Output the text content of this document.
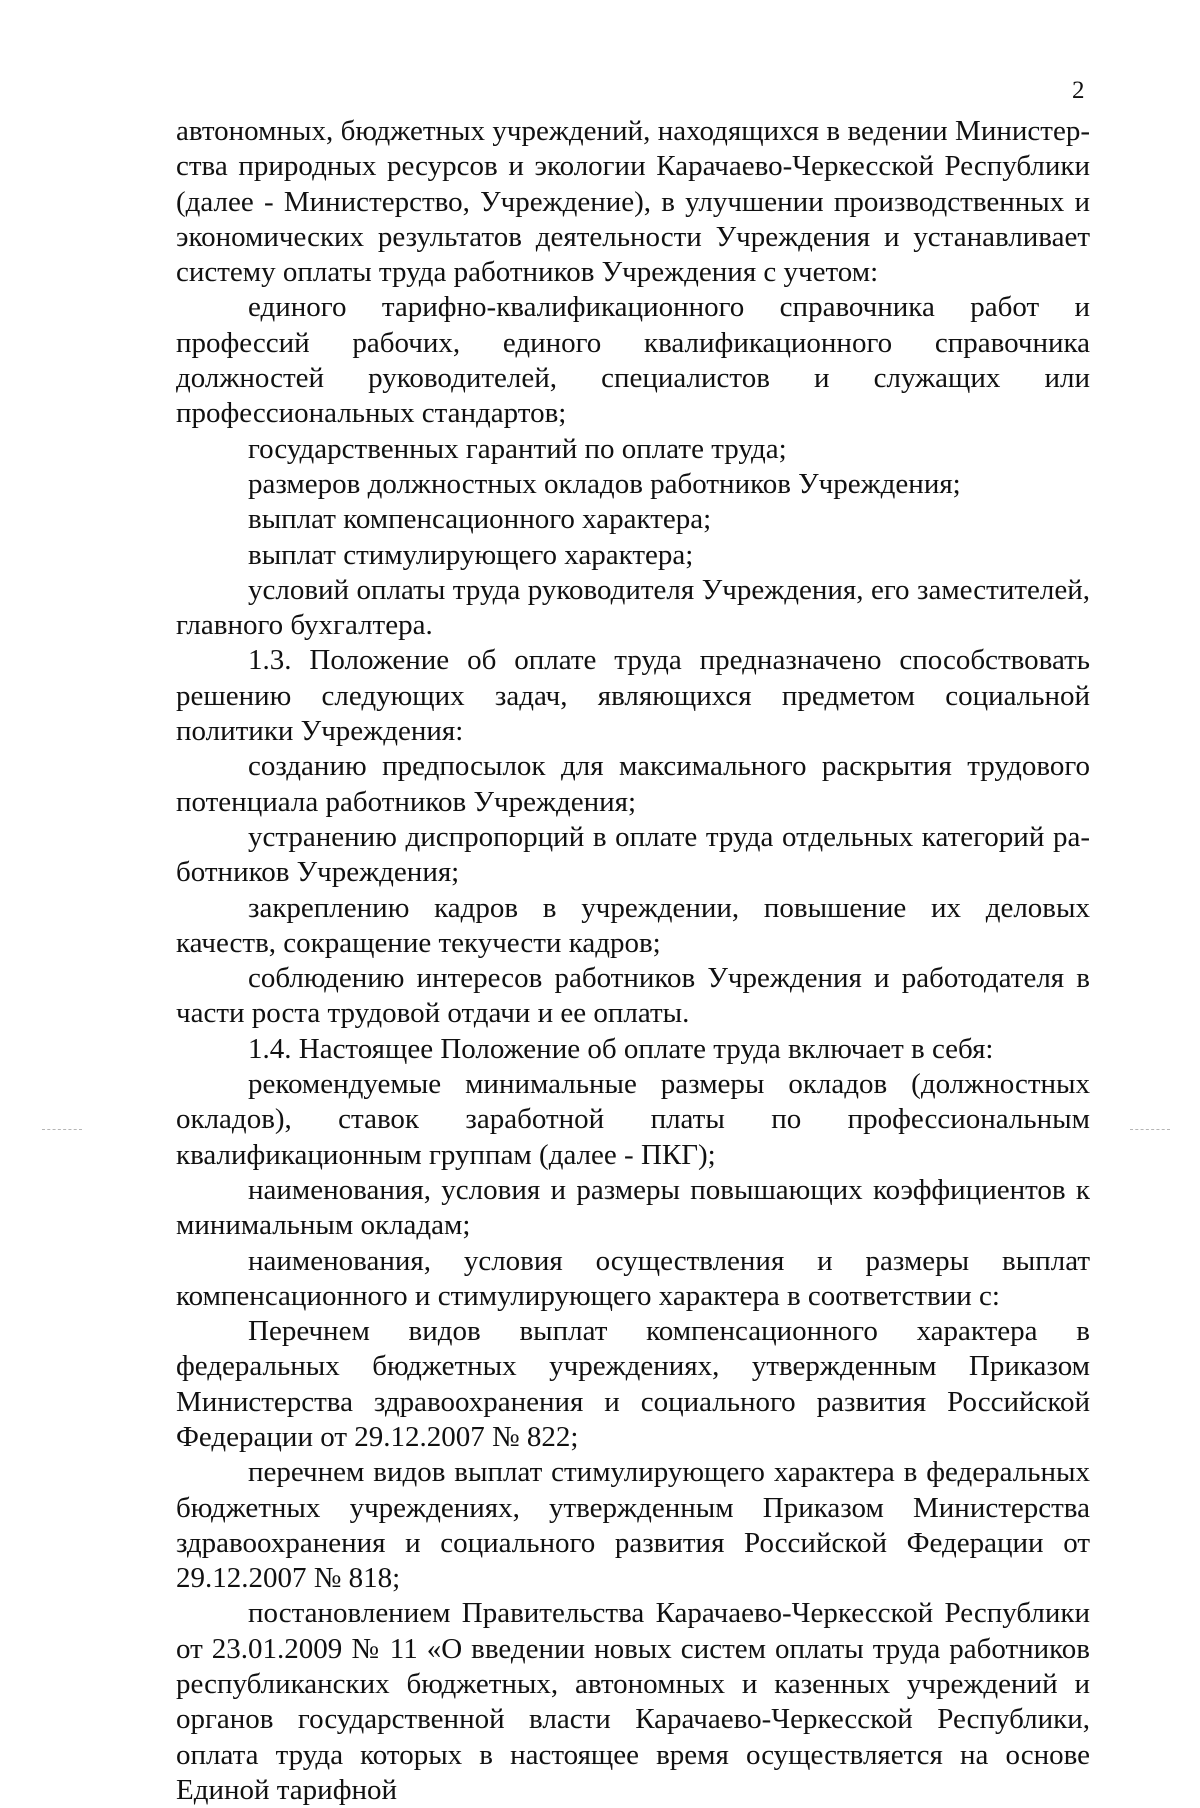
2

автономных, бюджетных учреждений, находящихся в ведении Министерства природных ресурсов и экологии Карачаево-Черкесской Республики (далее - Министерство, Учреждение), в улучшении производственных и экономических результатов деятельности Учреждения и устанавливает систему оплаты труда работников Учреждения с учетом:

единого тарифно-квалификационного справочника работ и профессий рабочих, единого квалификационного справочника должностей руководителей, специалистов и служащих или профессиональных стандартов;

государственных гарантий по оплате труда;

размеров должностных окладов работников Учреждения;

выплат компенсационного характера;

выплат стимулирующего характера;

условий оплаты труда руководителя Учреждения, его заместителей, главного бухгалтера.

1.3. Положение об оплате труда предназначено способствовать решению следующих задач, являющихся предметом социальной политики Учреждения:

созданию предпосылок для максимального раскрытия трудового потенциала работников Учреждения;

устранению диспропорций в оплате труда отдельных категорий работников Учреждения;

закреплению кадров в учреждении, повышение их деловых качеств, сокращение текучести кадров;

соблюдению интересов работников Учреждения и работодателя в части роста трудовой отдачи и ее оплаты.

1.4. Настоящее Положение об оплате труда включает в себя:

рекомендуемые минимальные размеры окладов (должностных окладов), ставок заработной платы по профессиональным квалификационным группам (далее - ПКГ);

наименования, условия и размеры повышающих коэффициентов к минимальным окладам;

наименования, условия осуществления и размеры выплат компенсационного и стимулирующего характера в соответствии с:

Перечнем видов выплат компенсационного характера в федеральных бюджетных учреждениях, утвержденным Приказом Министерства здравоохранения и социального развития Российской Федерации от 29.12.2007 № 822;

перечнем видов выплат стимулирующего характера в федеральных бюджетных учреждениях, утвержденным Приказом Министерства здравоохранения и социального развития Российской Федерации от 29.12.2007 № 818;

постановлением Правительства Карачаево-Черкесской Республики от 23.01.2009 № 11 «О введении новых систем оплаты труда работников республиканских бюджетных, автономных и казенных учреждений и органов государственной власти Карачаево-Черкесской Республики, оплата труда которых в настоящее время осуществляется на основе Единой тарифной
